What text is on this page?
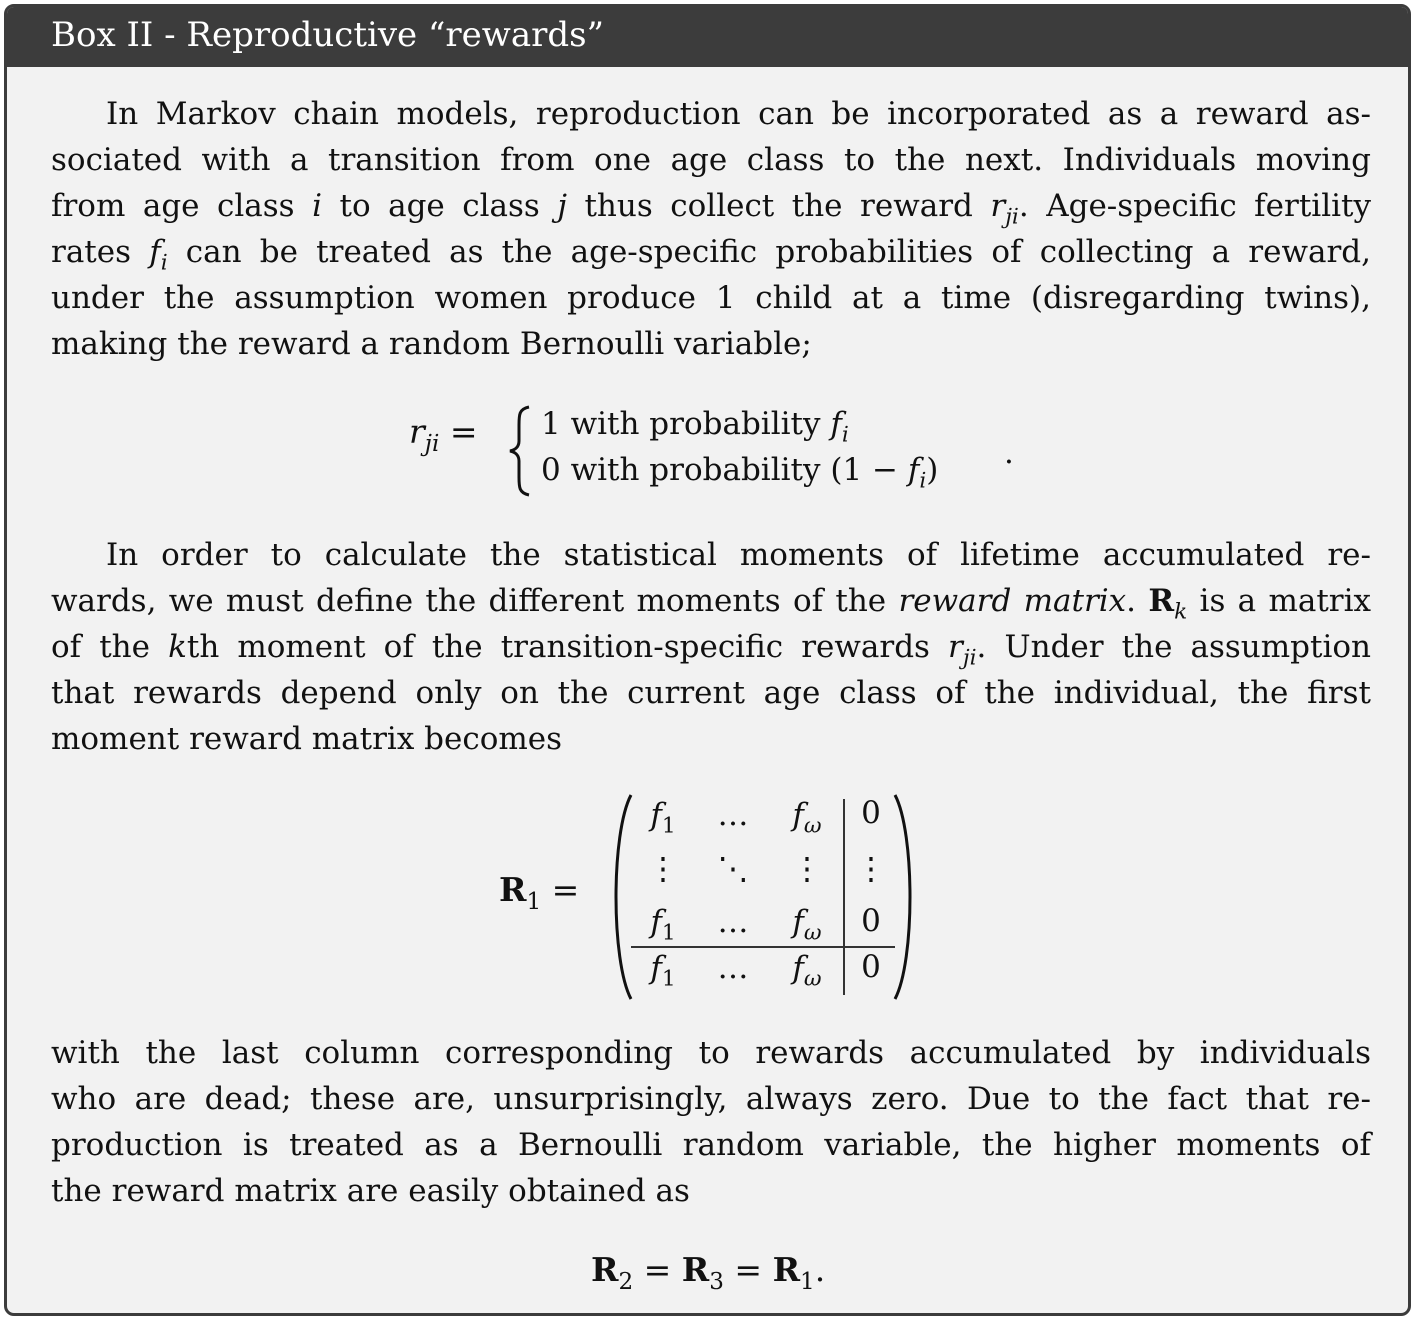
Box II - Reproductive “rewards”
In Markov chain models, reproduction can be incorporated as a reward as-
sociated with a transition from one age class to the next. Individuals moving
from age class i to age class j thus collect the reward $r_{ji}$. Age-specific fertility
rates $f_i$ can be treated as the age-specific probabilities of collecting a reward,
under the assumption women produce 1 child at a time (disregarding twins),
making the reward a random Bernoulli variable;
$r_{ji} = 1$ with probability $f_i$
0 with probability $(1 - f_i)$ .
In order to calculate the statistical moments of lifetime accumulated re-
wards, we must define the different moments of the reward matrix. $R_k$ is a matrix
of the kth moment of the transition-specific rewards $r_{ji}$. Under the assumption
that rewards depend only on the current age class of the individual, the first
moment reward matrix becomes
$R_1$ =
$f_1$	…	$f_\omega$	0
⋮	⋱	⋮	⋮
$f_1$	…	$f_\omega$	0
$f_1$	…	$f_\omega$	0
with the last column corresponding to rewards accumulated by individuals
who are dead; these are, unsurprisingly, always zero. Due to the fact that re-
production is treated as a Bernoulli random variable, the higher moments of
the reward matrix are easily obtained as
$R_2 = R_3 = R_1$.
